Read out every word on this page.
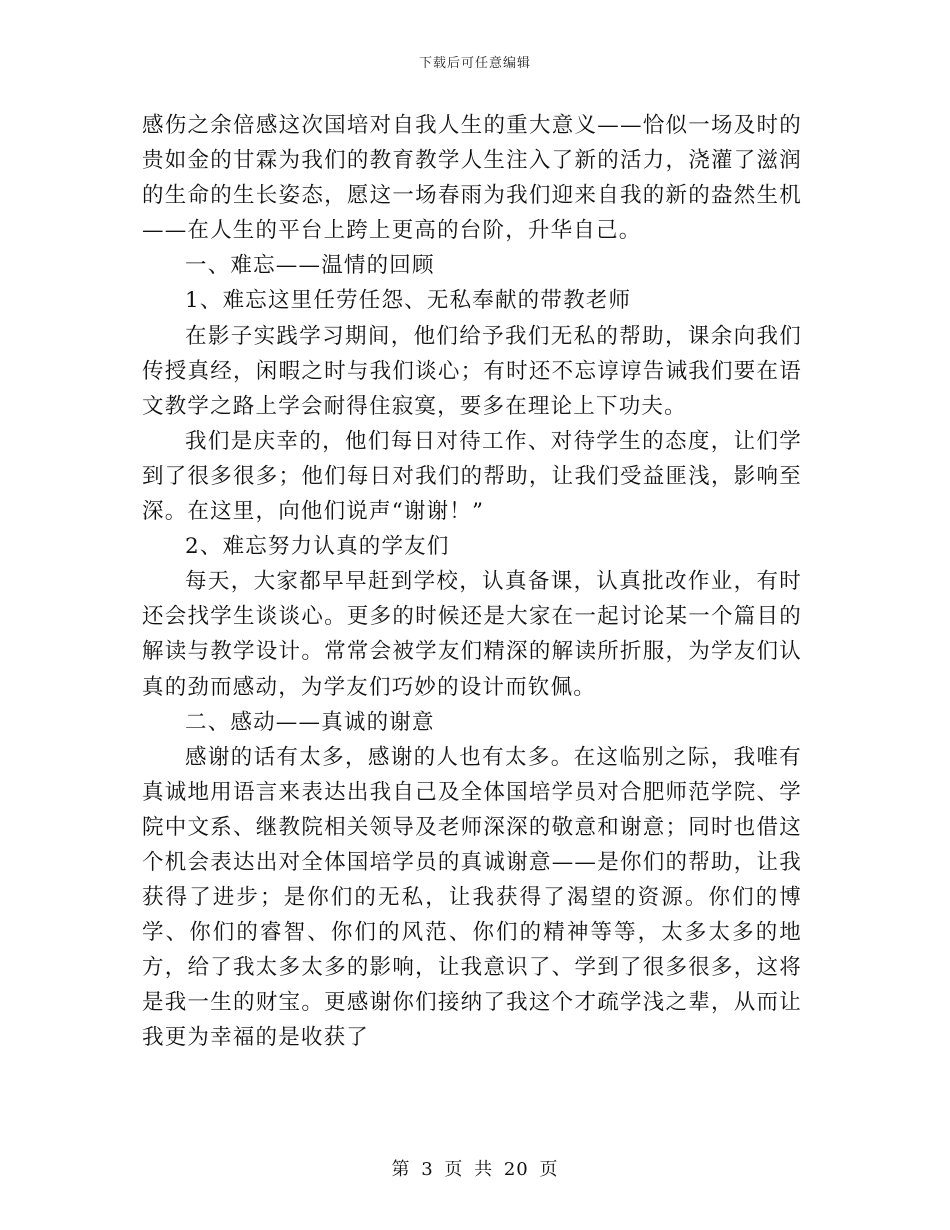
下载后可任意编辑

感伤之余倍感这次国培对自我人生的重大意义——恰似一场及时的贵如金的甘霖为我们的教育教学人生注入了新的活力，浇灌了滋润的生命的生长姿态，愿这一场春雨为我们迎来自我的新的盎然生机——在人生的平台上跨上更高的台阶，升华自己。

一、难忘——温情的回顾

1、难忘这里任劳任怨、无私奉献的带教老师

在影子实践学习期间，他们给予我们无私的帮助，课余向我们传授真经，闲暇之时与我们谈心；有时还不忘谆谆告诫我们要在语文教学之路上学会耐得住寂寞，要多在理论上下功夫。

我们是庆幸的，他们每日对待工作、对待学生的态度，让们学到了很多很多；他们每日对我们的帮助，让我们受益匪浅，影响至深。在这里，向他们说声“谢谢！”

2、难忘努力认真的学友们

每天，大家都早早赶到学校，认真备课，认真批改作业，有时还会找学生谈谈心。更多的时候还是大家在一起讨论某一个篇目的解读与教学设计。常常会被学友们精深的解读所折服，为学友们认真的劲而感动，为学友们巧妙的设计而钦佩。

二、感动——真诚的谢意

感谢的话有太多，感谢的人也有太多。在这临别之际，我唯有真诚地用语言来表达出我自己及全体国培学员对合肥师范学院、学院中文系、继教院相关领导及老师深深的敬意和谢意；同时也借这个机会表达出对全体国培学员的真诚谢意——是你们的帮助，让我获得了进步；是你们的无私，让我获得了渴望的资源。你们的博学、你们的睿智、你们的风范、你们的精神等等，太多太多的地方，给了我太多太多的影响，让我意识了、学到了很多很多，这将是我一生的财宝。更感谢你们接纳了我这个才疏学浅之辈，从而让我更为幸福的是收获了

第 3 页 共 20 页
